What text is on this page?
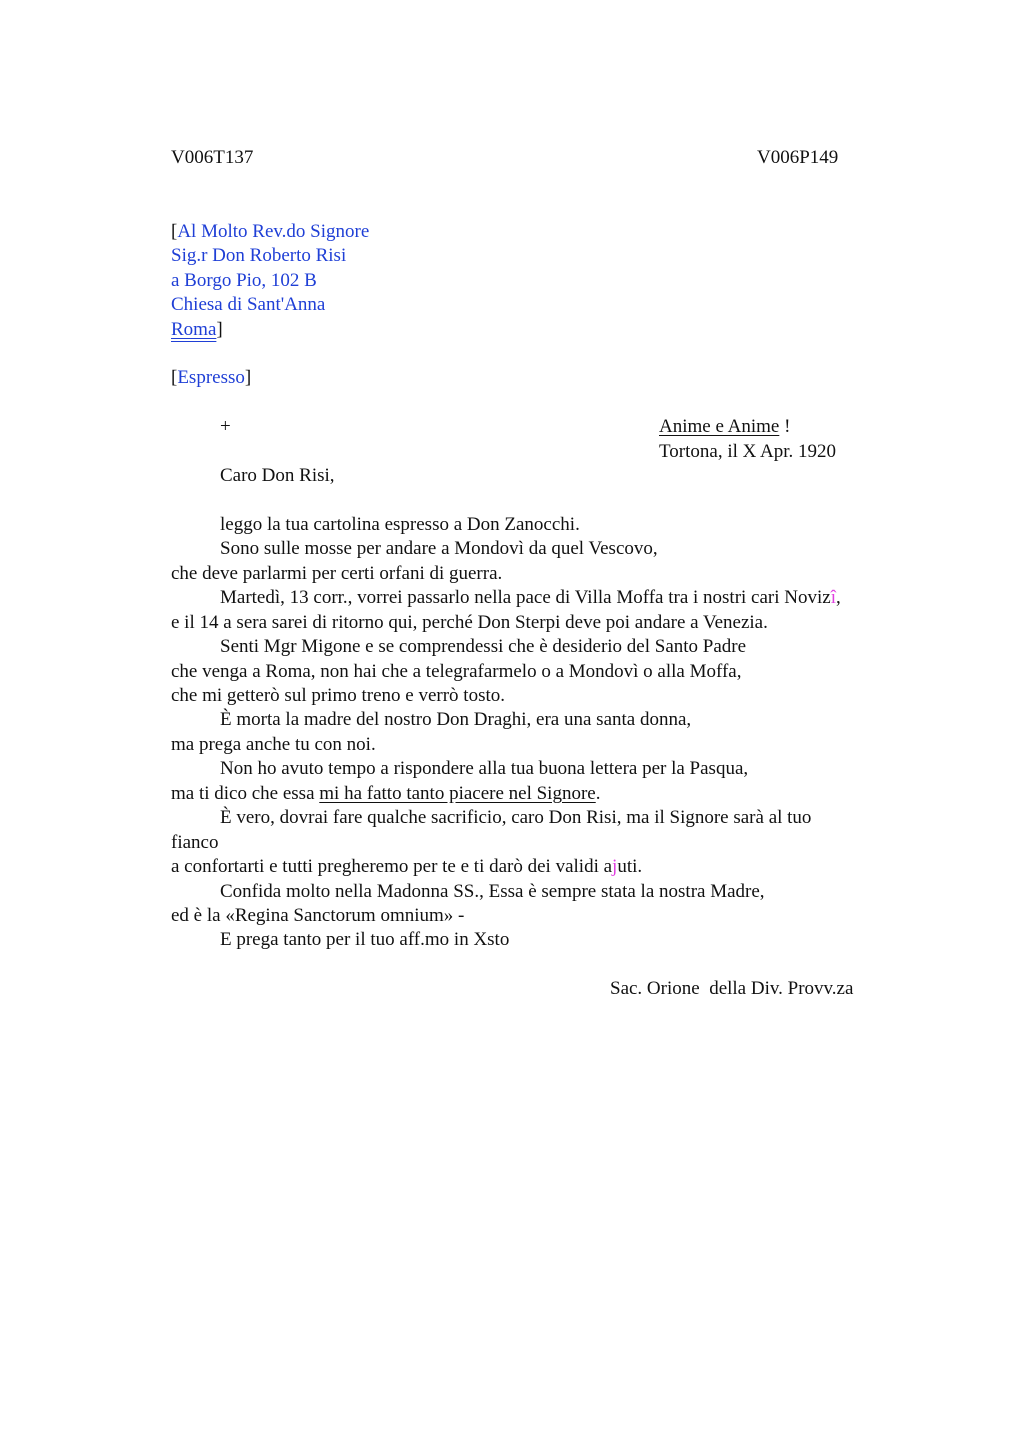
V006T137	V006P149
[Al Molto Rev.do Signore
Sig.r Don Roberto Risi
a Borgo Pio, 102 B
Chiesa di Sant'Anna
Roma]
[Espresso]
+	Anime e Anime !
Tortona, il X Apr. 1920
Caro Don Risi,
leggo la tua cartolina espresso a Don Zanocchi.
Sono sulle mosse per andare a Mondovì da quel Vescovo,
che deve parlarmi per certi orfani di guerra.
Martedì, 13 corr., vorrei passarlo nella pace di Villa Moffa tra i nostri cari Novizî,
e il 14 a sera sarei di ritorno qui, perché Don Sterpi deve poi andare a Venezia.
Senti Mgr Migone e se comprendessi che è desiderio del Santo Padre
che venga a Roma, non hai che a telegrafarmelo o a Mondovì o alla Moffa,
che mi getterò sul primo treno e verrò tosto.
È morta la madre del nostro Don Draghi, era una santa donna,
ma prega anche tu con noi.
Non ho avuto tempo a rispondere alla tua buona lettera per la Pasqua,
ma ti dico che essa mi ha fatto tanto piacere nel Signore.
È vero, dovrai fare qualche sacrificio, caro Don Risi, ma il Signore sarà al tuo
fianco
a confortarti e tutti pregheremo per te e ti darò dei validi ajuti.
Confida molto nella Madonna SS., Essa è sempre stata la nostra Madre,
ed è la «Regina Sanctorum omnium» -
E prega tanto per il tuo aff.mo in Xsto
Sac. Orione  della Div. Provv.za
